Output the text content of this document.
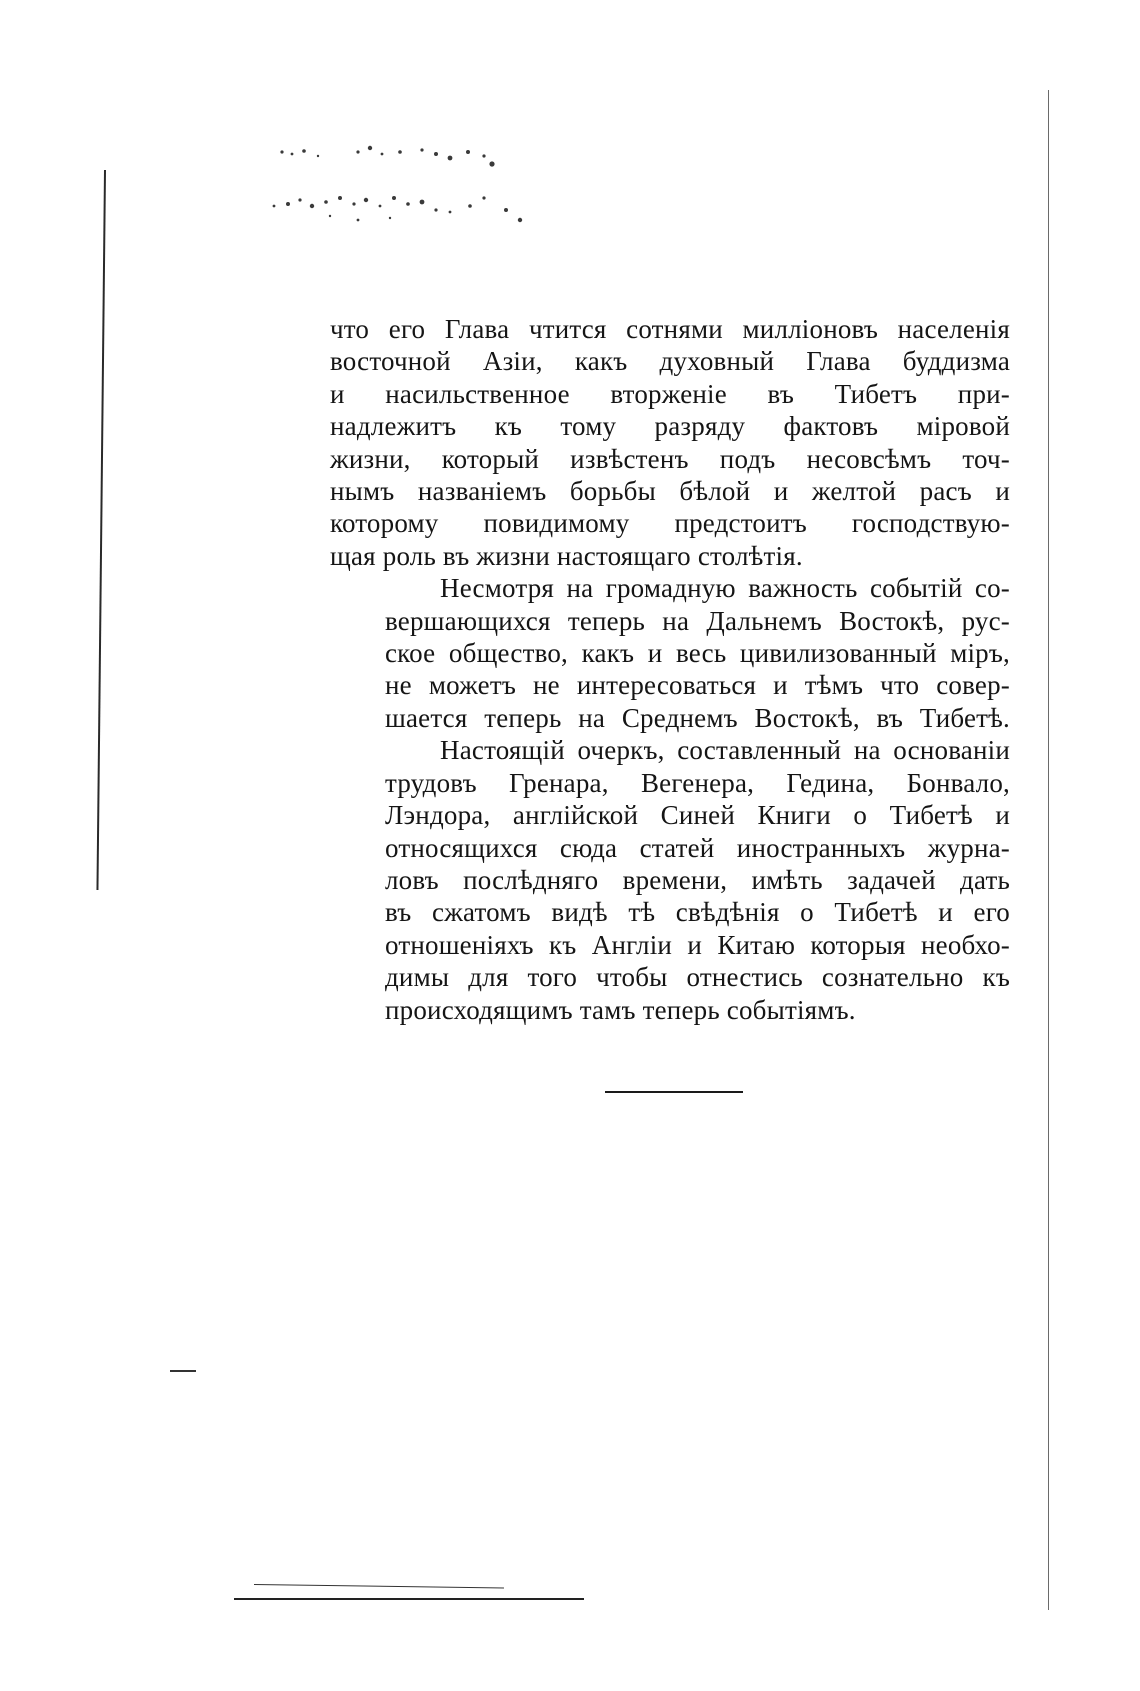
что его Глава чтится сотнями милліоновъ населенія
восточной Азіи, какъ духовный Глава буддизма
и насильственное вторженіе въ Тибетъ при-
надлежитъ къ тому разряду фактовъ міровой
жизни, который извѣстенъ подъ несовсѣмъ точ-
нымъ названіемъ борьбы бѣлой и желтой расъ и
которому повидимому предстоитъ господствую-
щая роль въ жизни настоящаго столѣтія.

Несмотря на громадную важность событій со-
вершающихся теперь на Дальнемъ Востокѣ, рус-
ское общество, какъ и весь цивилизованный міръ,
не можетъ не интересоваться и тѣмъ что совер-
шается теперь на Среднемъ Востокѣ, въ Тибетѣ.

Настоящій очеркъ, составленный на основаніи
трудовъ Гренара, Вегенера, Гедина, Бонвало,
Лэндора, англійской Синей Книги о Тибетѣ и
относящихся сюда статей иностранныхъ журна-
ловъ послѣдняго времени, имѣть задачей дать
въ сжатомъ видѣ тѣ свѣдѣнія о Тибетѣ и его
отношеніяхъ къ Англіи и Китаю которыя необхо-
димы для того чтобы отнестись сознательно къ
происходящимъ тамъ теперь событіямъ.
